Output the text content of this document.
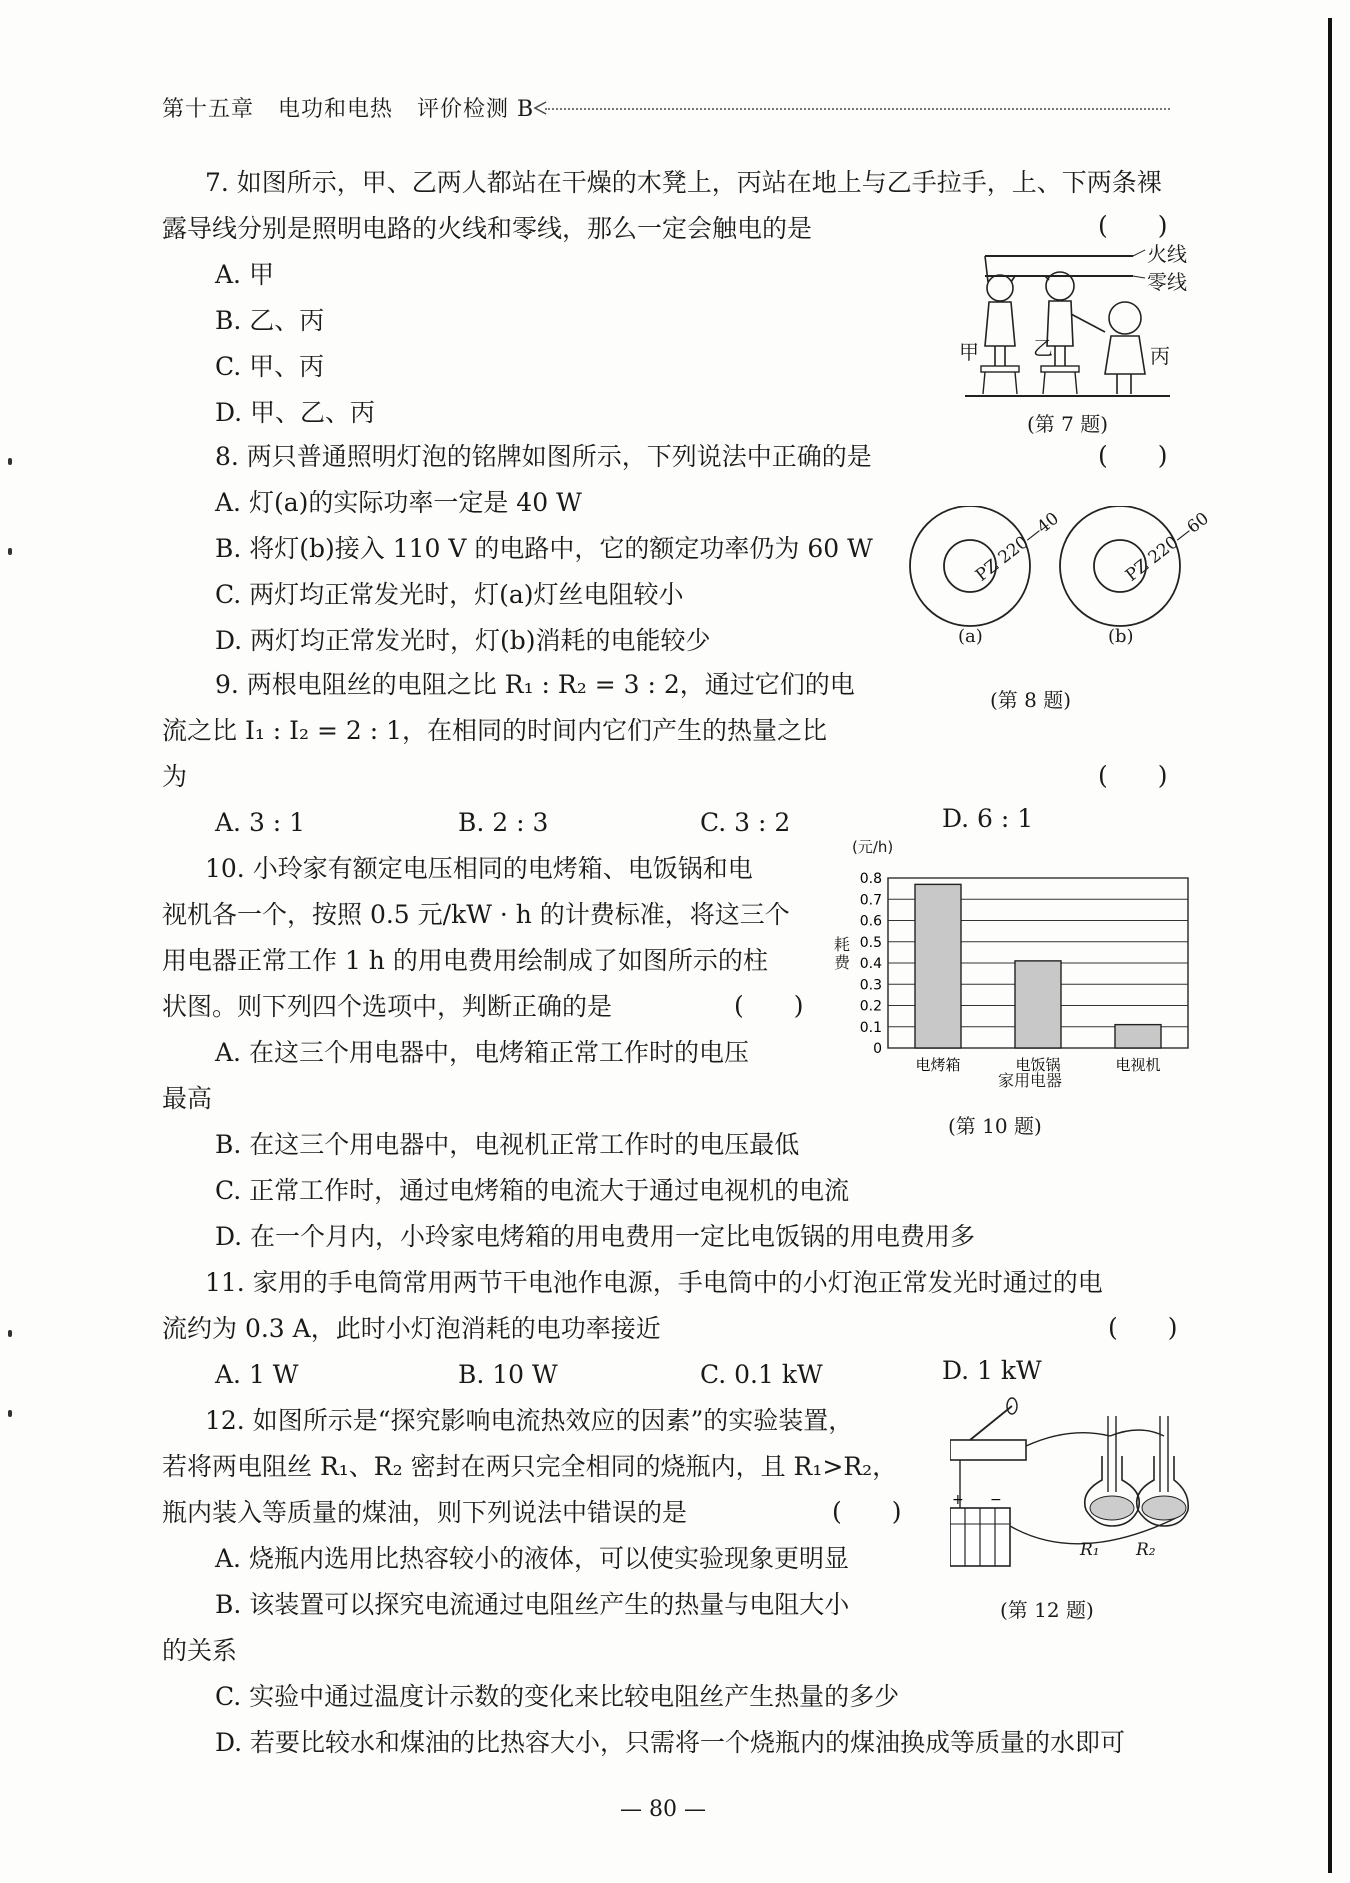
第十五章 电功和电热 评价检测 B
7. 如图所示，甲、乙两人都站在干燥的木凳上，丙站在地上与乙手拉手，上、下两条裸
露导线分别是照明电路的火线和零线，那么一定会触电的是	(　　)
A. 甲
B. 乙、丙
C. 甲、丙
D. 甲、乙、丙
火线
零线
甲	乙	丙
(第 7 题)
8. 两只普通照明灯泡的铭牌如图所示，下列说法中正确的是	(　　)
A. 灯(a)的实际功率一定是 40 W
B. 将灯(b)接入 110 V 的电路中，它的额定功率仍为 60 W
C. 两灯均正常发光时，灯(a)灯丝电阻较小
D. 两灯均正常发光时，灯(b)消耗的电能较少
PZ 220—40	PZ 220—60
(a)	(b)
(第 8 题)
9. 两根电阻丝的电阻之比 R₁ : R₂ = 3 : 2，通过它们的电
流之比 I₁ : I₂ = 2 : 1，在相同的时间内它们产生的热量之比
为	(　　)
A. 3 : 1	B. 2 : 3	C. 3 : 2	D. 6 : 1
10. 小玲家有额定电压相同的电烤箱、电饭锅和电
视机各一个，按照 0.5 元/kW · h 的计费标准，将这三个
用电器正常工作 1 h 的用电费用绘制成了如图所示的柱
状图。则下列四个选项中，判断正确的是	(　　)
A. 在这三个用电器中，电烤箱正常工作时的电压
最高
B. 在这三个用电器中，电视机正常工作时的电压最低
C. 正常工作时，通过电烤箱的电流大于通过电视机的电流
D. 在一个月内，小玲家电烤箱的用电费用一定比电饭锅的用电费用多
0
0.1
0.2
0.3
0.4
0.5
0.6
0.7
0.8
电烤箱	电饭锅	电视机
(元/h)
耗费
家用电器
(第 10 题)
11. 家用的手电筒常用两节干电池作电源，手电筒中的小灯泡正常发光时通过的电
流约为 0.3 A，此时小灯泡消耗的电功率接近	(　　)
A. 1 W	B. 10 W	C. 0.1 kW	D. 1 kW
12. 如图所示是“探究影响电流热效应的因素”的实验装置，
若将两电阻丝 R₁、R₂ 密封在两只完全相同的烧瓶内，且 R₁>R₂，
瓶内装入等质量的煤油，则下列说法中错误的是	(　　)
A. 烧瓶内选用比热容较小的液体，可以使实验现象更明显
B. 该装置可以探究电流通过电阻丝产生的热量与电阻大小
的关系
C. 实验中通过温度计示数的变化来比较电阻丝产生热量的多少
D. 若要比较水和煤油的比热容大小，只需将一个烧瓶内的煤油换成等质量的水即可
+ −
R₁ R₂
(第 12 题)
— 80 —
